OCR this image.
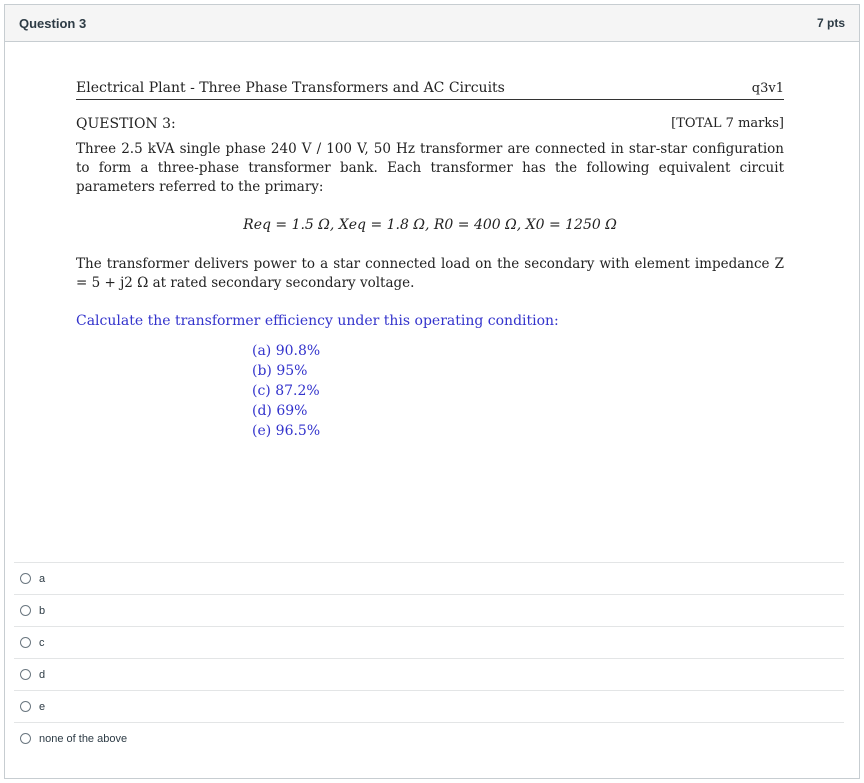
Question 3	7 pts
Electrical Plant - Three Phase Transformers and AC Circuits	q3v1
QUESTION 3:	[TOTAL 7 marks]
Three 2.5 kVA single phase 240 V / 100 V, 50 Hz transformer are connected in star-star configuration to form a three-phase transformer bank. Each transformer has the following equivalent circuit parameters referred to the primary:
Req = 1.5 Ω, Xeq = 1.8 Ω, R0 = 400 Ω, X0 = 1250 Ω
The transformer delivers power to a star connected load on the secondary with element impedance Z = 5 + j2 Ω at rated secondary secondary voltage.
Calculate the transformer efficiency under this operating condition:
(a) 90.8%
(b) 95%
(c) 87.2%
(d) 69%
(e) 96.5%
a
b
c
d
e
none of the above
